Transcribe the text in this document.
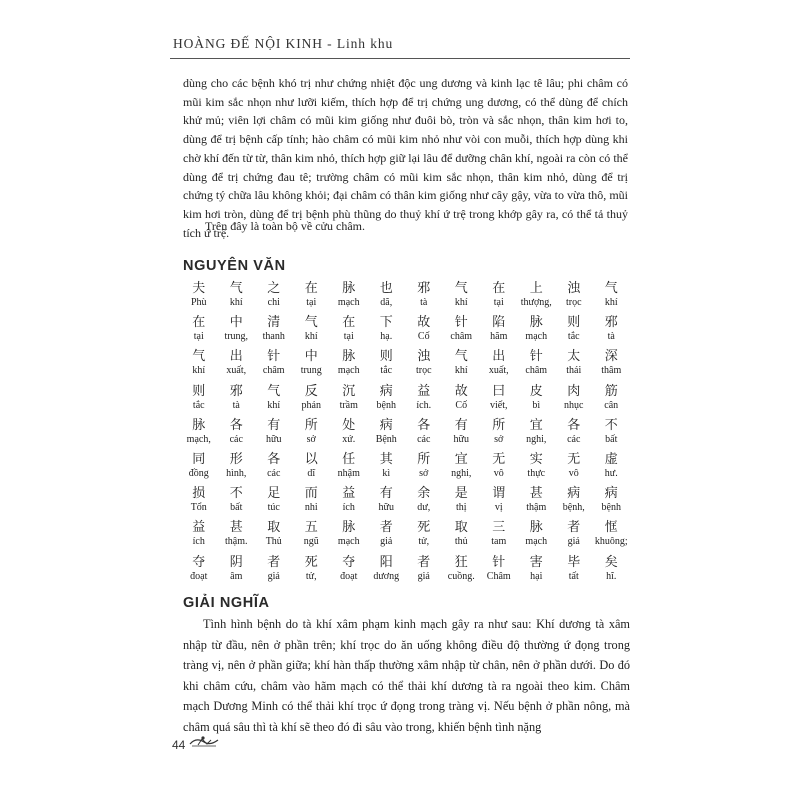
HOÀNG ĐẾ NỘI KINH - Linh khu

dùng cho các bệnh khó trị như chứng nhiệt độc ung dương và kinh lạc tê lâu; phi châm có mũi kim sắc nhọn như lưỡi kiếm, thích hợp để trị chứng ung dương, có thể dùng để chích khử mủ; viên lợi châm có mũi kim giống như đuôi bò, tròn và sắc nhọn, thân kim hơi to, dùng để trị bệnh cấp tính; hào châm có mũi kim nhỏ như vòi con muỗi, thích hợp dùng khi chờ khí đến từ từ, thân kim nhỏ, thích hợp giữ lại lâu để dưỡng chân khí, ngoài ra còn có thể dùng để trị chứng đau tê; trường châm có mũi kim sắc nhọn, thân kim nhỏ, dùng để trị chứng tý chữa lâu không khỏi; đại châm có thân kim giống như cây gậy, vừa to vừa thô, mũi kim hơi tròn, dùng để trị bệnh phù thũng do thuỷ khí ứ trệ trong khớp gây ra, có thể tả thuỷ tích ứ trệ.

Trên đây là toàn bộ về cửu châm.

NGUYÊN VĂN
夫
Phù
气
khí
之
chi
在
tại
脉
mạch
也
dã,
邪
tà
气
khí
在
tại
上
thượng,
浊
trọc
气
khí
在
tại
中
trung,
清
thanh
气
khí
在
tại
下
hạ.
故
Cố
针
châm
陷
hãm
脉
mạch
则
tắc
邪
tà
气
khí
出
xuất,
针
châm
中
trung
脉
mạch
则
tắc
浊
trọc
气
khí
出
xuất,
针
châm
太
thái
深
thâm
则
tắc
邪
tà
气
khí
反
phản
沉
trầm
病
bệnh
益
ích.
故
Cố
曰
viết,
皮
bì
肉
nhục
筋
cân
脉
mạch,
各
các
有
hữu
所
sở
处
xứ.
病
Bệnh
各
các
有
hữu
所
sở
宜
nghi,
各
các
不
bất
同
đồng
形
hình,
各
các
以
dĩ
任
nhậm
其
kì
所
sở
宜
nghi,
无
vô
实
thực
无
vô
虚
hư.
损
Tổn
不
bất
足
túc
而
nhi
益
ích
有
hữu
余
dư,
是
thị
谓
vị
甚
thậm
病
bệnh,
病
bệnh
益
ích
甚
thậm.
取
Thủ
五
ngũ
脉
mạch
者
giả
死
tử,
取
thủ
三
tam
脉
mạch
者
giả
恇
khuông;
夺
đoạt
阴
âm
者
giả
死
tử,
夺
đoạt
阳
dương
者
giả
狂
cuồng.
针
Châm
害
hại
毕
tất
矣
hĩ.
GIẢI NGHĨA

Tình hình bệnh do tà khí xâm phạm kinh mạch gây ra như sau: Khí dương tà xâm nhập từ đầu, nên ở phần trên; khí trọc do ăn uống không điều độ thường ứ đọng trong tràng vị, nên ở phần giữa; khí hàn thấp thường xâm nhập từ chân, nên ở phần dưới. Do đó khi châm cứu, châm vào hãm mạch có thể thải khí dương tà ra ngoài theo kim. Châm mạch Dương Minh có thể thải khí trọc ứ đọng trong tràng vị. Nếu bệnh ở phần nông, mà châm quá sâu thì tà khí sẽ theo đó đi sâu vào trong, khiến bệnh tình nặng

44
